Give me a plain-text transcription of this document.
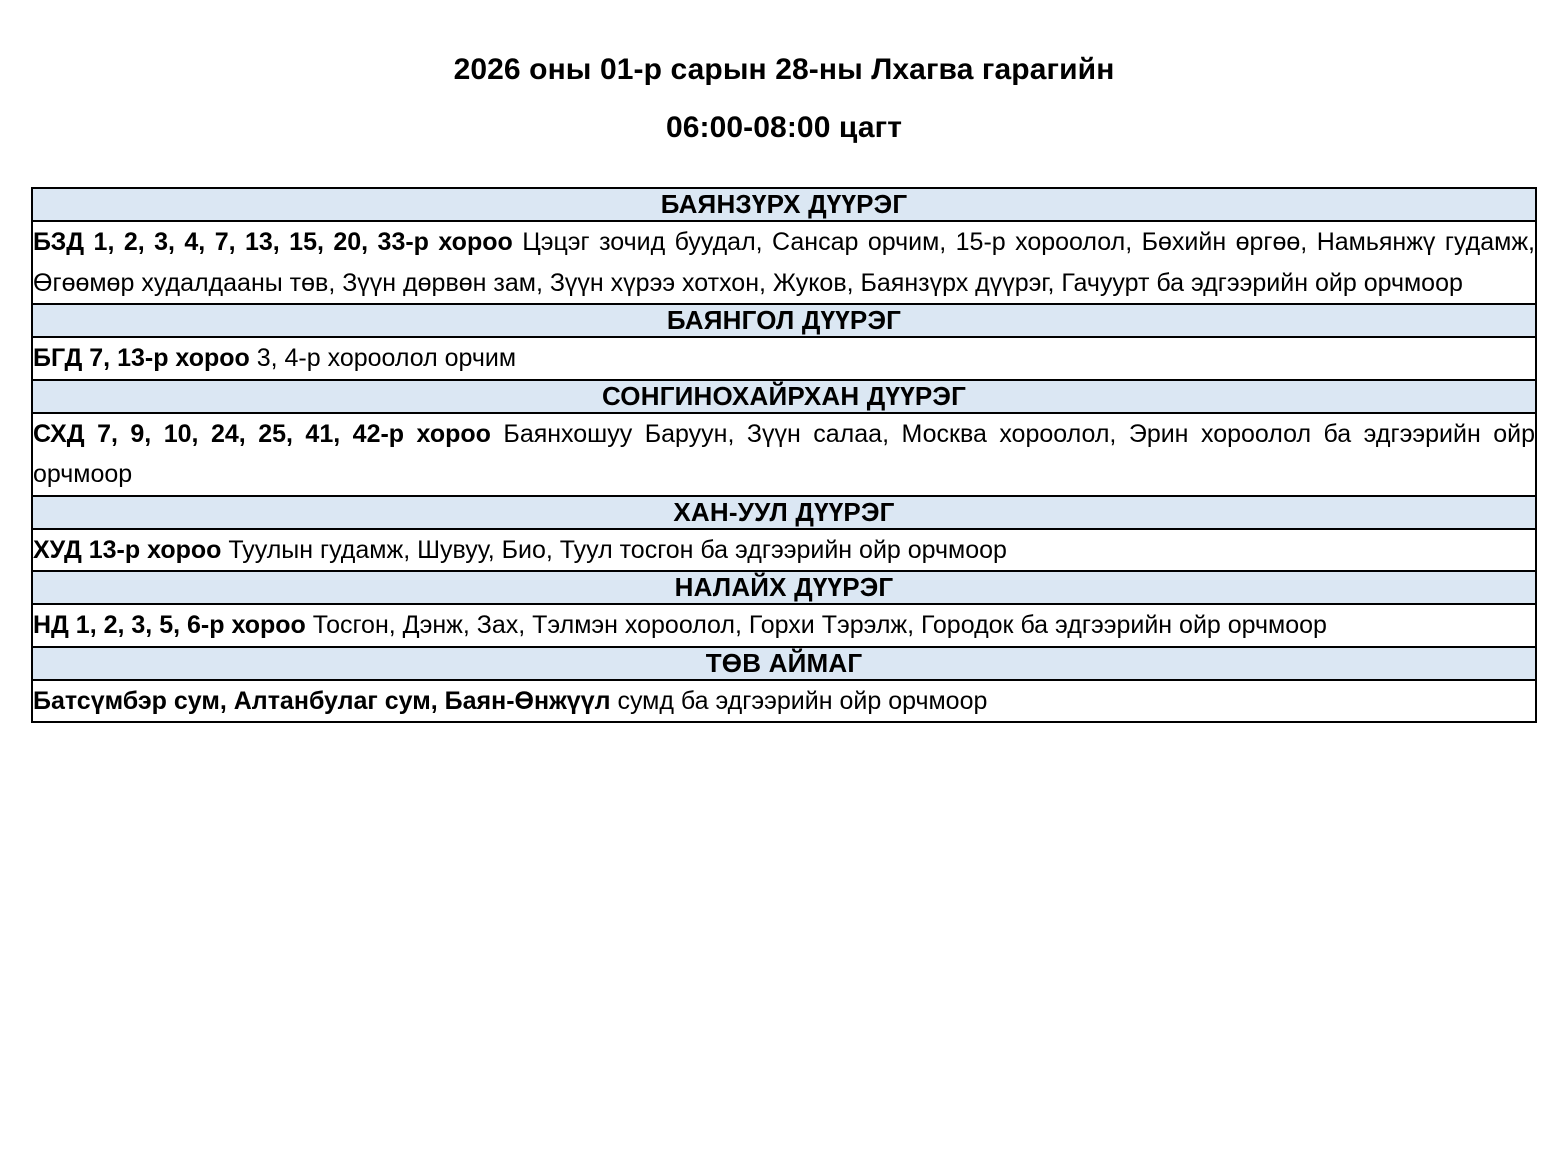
2026 оны 01-р сарын 28-ны Лхагва гарагийн
06:00-08:00 цагт
БАЯНЗҮРХ ДҮҮРЭГ
БЗД 1, 2, 3, 4, 7, 13, 15, 20, 33-р хороо Цэцэг зочид буудал, Сансар орчим, 15-р хороолол, Бөхийн өргөө, Намьянжү гудамж, Өгөөмөр худалдааны төв, Зүүн дөрвөн зам, Зүүн хүрээ хотхон, Жуков, Баянзүрх дүүрэг, Гачуурт ба эдгээрийн ойр орчмоор
БАЯНГОЛ ДҮҮРЭГ
БГД 7, 13-р хороо 3, 4-р хороолол орчим
СОНГИНОХАЙРХАН ДҮҮРЭГ
СХД 7, 9, 10, 24, 25, 41, 42-р хороо Баянхошуу Баруун, Зүүн салаа, Москва хороолол, Эрин хороолол ба эдгээрийн ойр орчмоор
ХАН-УУЛ ДҮҮРЭГ
ХУД 13-р хороо Туулын гудамж, Шувуу, Био, Туул тосгон ба эдгээрийн ойр орчмоор
НАЛАЙХ ДҮҮРЭГ
НД 1, 2, 3, 5, 6-р хороо Тосгон, Дэнж, Зах, Тэлмэн хороолол, Горхи Тэрэлж, Городок ба эдгээрийн ойр орчмоор
ТӨВ АЙМАГ
Батсүмбэр сум, Алтанбулаг сум, Баян-Өнжүүл сумд ба эдгээрийн ойр орчмоор
